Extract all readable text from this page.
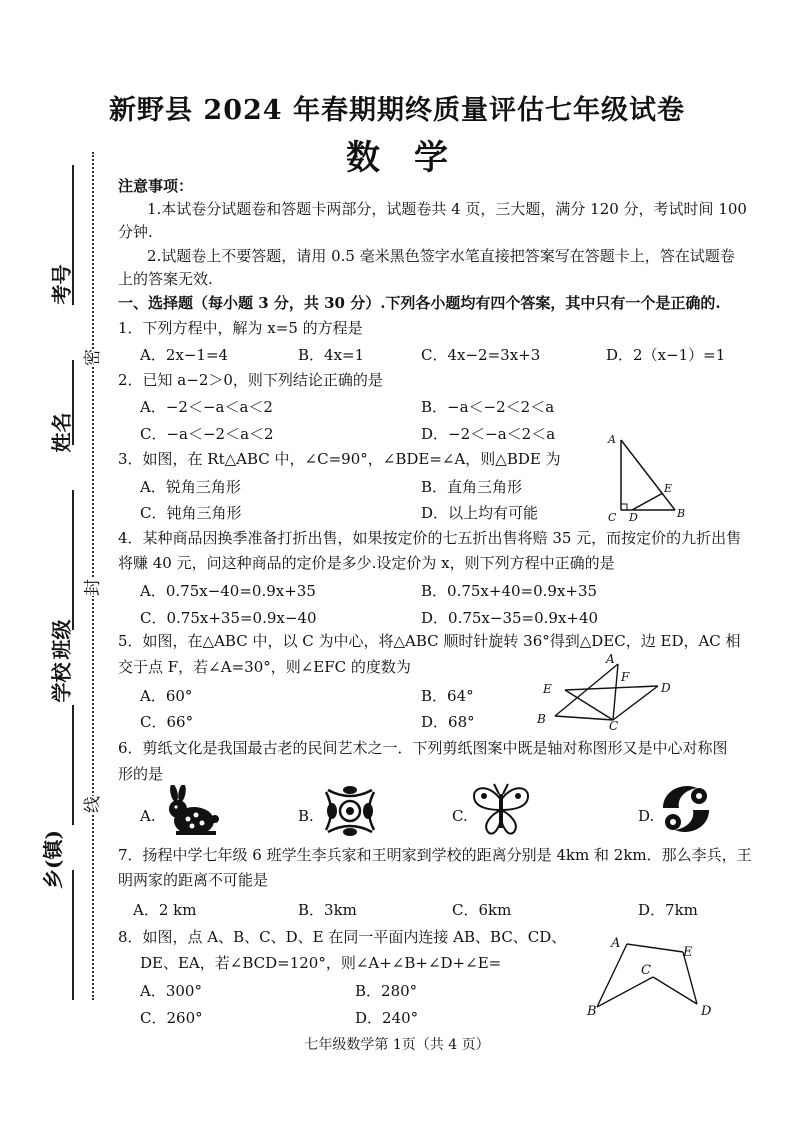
考号
密
姓名
封
班级
学校
线
乡(镇)
新野县 2024 年春期期终质量评估七年级试卷
数学
注意事项：
1.本试卷分试题卷和答题卡两部分，试题卷共 4 页，三大题，满分 120 分，考试时间 100
分钟.
2.试题卷上不要答题，请用 0.5 毫米黑色签字水笔直接把答案写在答题卡上，答在试题卷
上的答案无效.
一、选择题（每小题 3 分，共 30 分）.下列各小题均有四个答案，其中只有一个是正确的.
1．下列方程中，解为 x=5 的方程是
A．2x−1=4	B．4x=1	C．4x−2=3x+3	D．2（x−1）=1
2．已知 a−2＞0，则下列结论正确的是
A．−2＜−a＜a＜2	B．−a＜−2＜2＜a
C．−a＜−2＜a＜2	D．−2＜−a＜2＜a
3．如图，在 Rt△ABC 中，∠C=90°，∠BDE=∠A，则△BDE 为
A．锐角三角形	B．直角三角形
C．钝角三角形	D．以上均有可能
A
C D
E
B
4．某种商品因换季准备打折出售，如果按定价的七五折出售将赔 35 元，而按定价的九折出售
将赚 40 元，问这种商品的定价是多少.设定价为 x，则下列方程中正确的是
A．0.75x−40=0.9x+35	B．0.75x+40=0.9x+35
C．0.75x+35=0.9x−40	D．0.75x−35=0.9x+40
5．如图，在△ABC 中，以 C 为中心，将△ABC 顺时针旋转 36°得到△DEC，边 ED，AC 相
交于点 F，若∠A=30°，则∠EFC 的度数为
A．60°	B．64°
C．66°	D．68°
A
F
E	D
B	C
6．剪纸文化是我国最古老的民间艺术之一．下列剪纸图案中既是轴对称图形又是中心对称图
形的是
A.	B.	C.	D.
7．扬程中学七年级 6 班学生李兵家和王明家到学校的距离分别是 4km 和 2km．那么李兵，王
明两家的距离不可能是
A．2 km	B．3km	C．6km	D．7km
8．如图，点 A、B、C、D、E 在同一平面内连接 AB、BC、CD、
DE、EA，若∠BCD=120°，则∠A+∠B+∠D+∠E=
A．300°	B．280°
C．260°	D．240°
A
E
C
B	D
七年级数学第 1页（共 4 页）
